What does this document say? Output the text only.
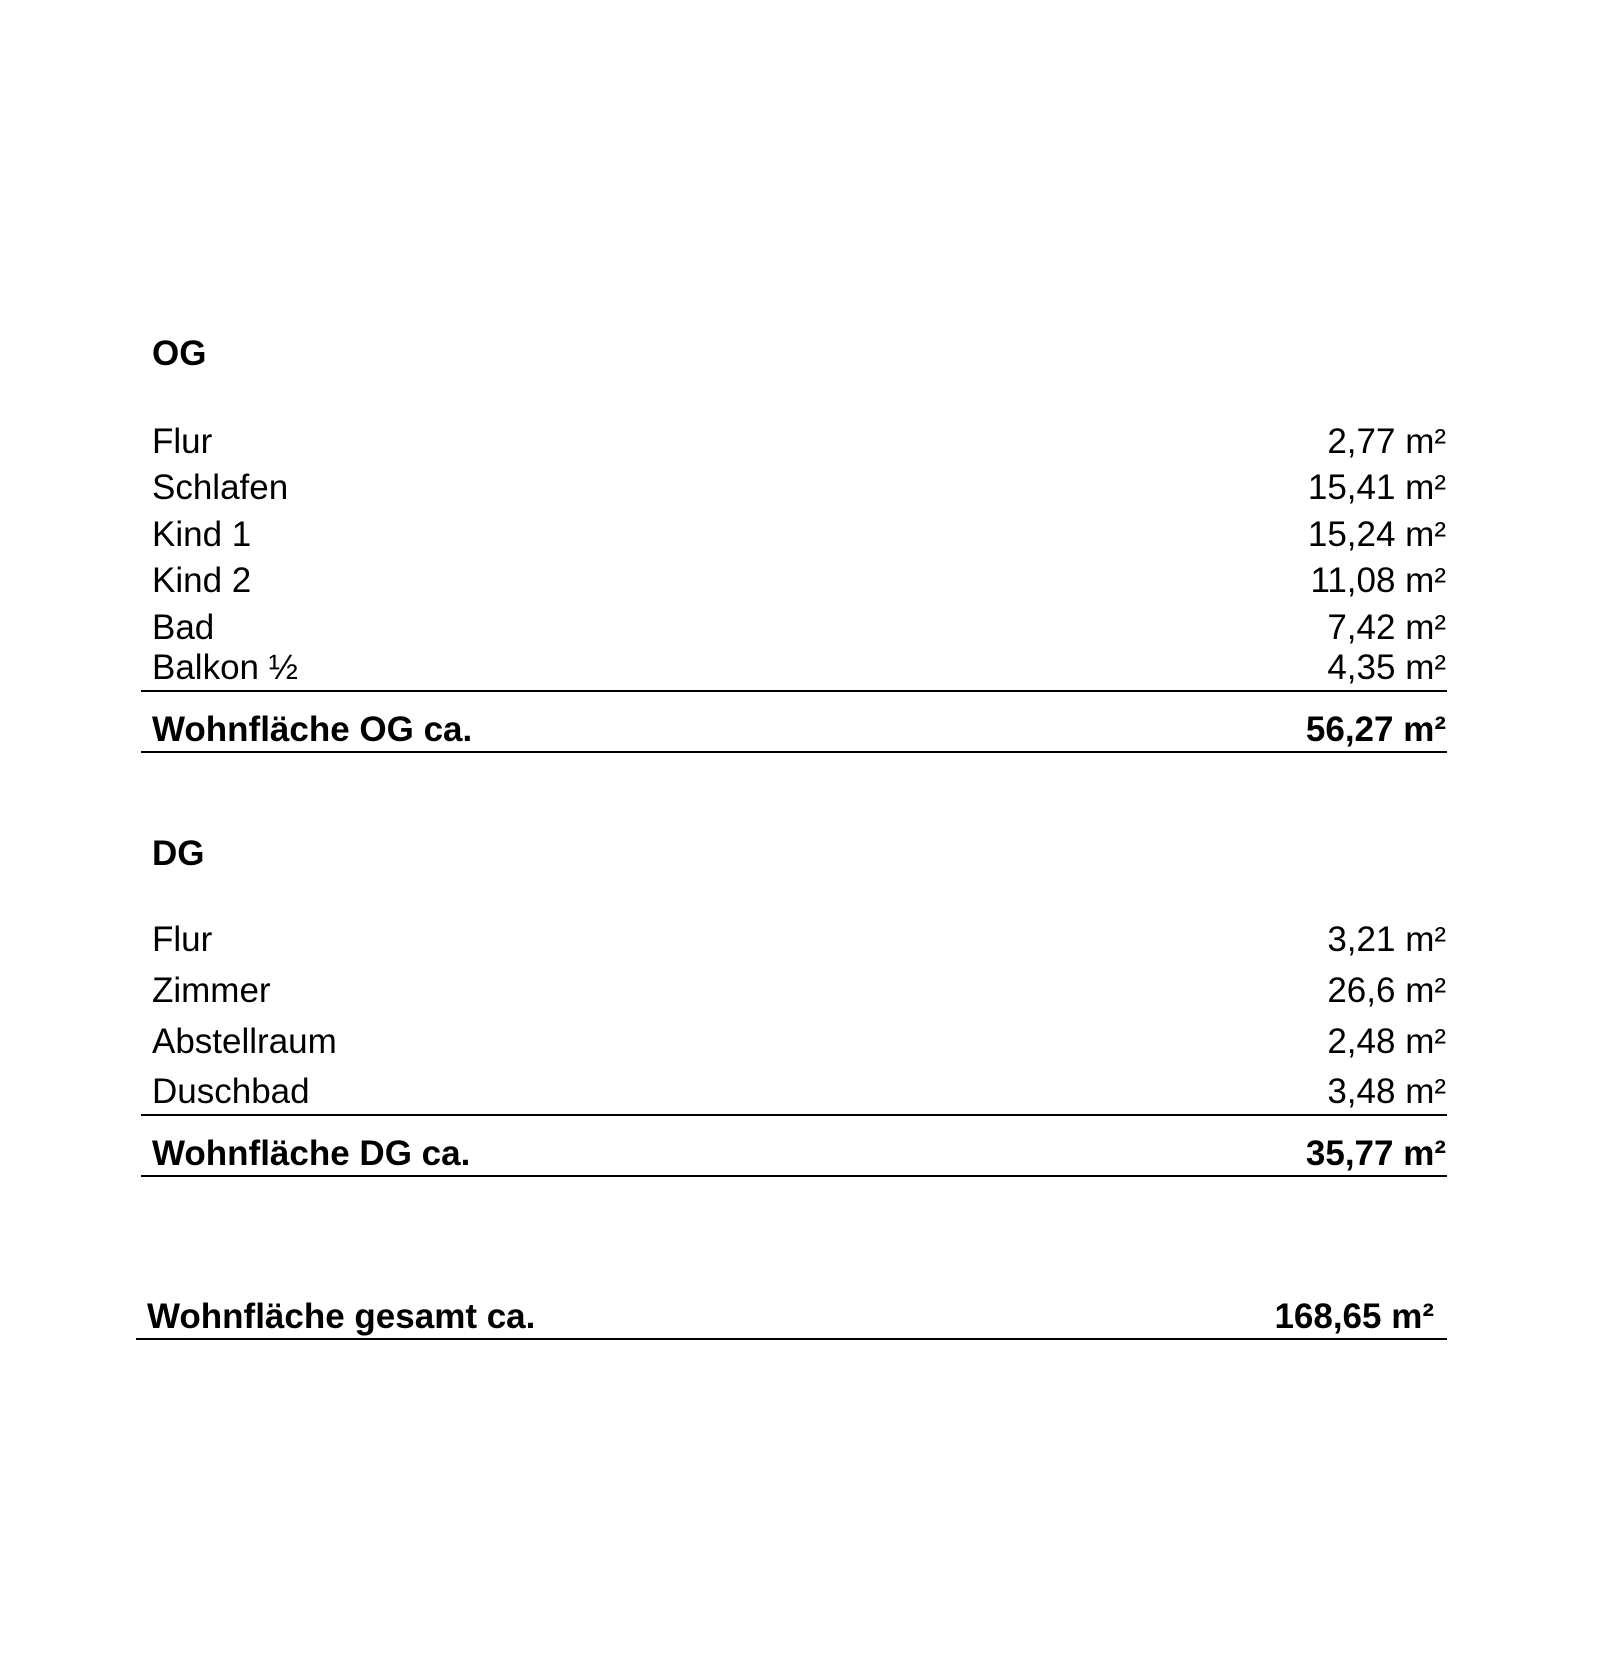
OG
Flur	2,77 m²
Schlafen	15,41 m²
Kind 1	15,24 m²
Kind 2	11,08 m²
Bad	7,42 m²
Balkon ½	4,35 m²
Wohnfläche OG ca.	56,27 m²
DG
Flur	3,21 m²
Zimmer	26,6 m²
Abstellraum	2,48 m²
Duschbad	3,48 m²
Wohnfläche DG ca.	35,77 m²
Wohnfläche gesamt ca.	168,65 m²
